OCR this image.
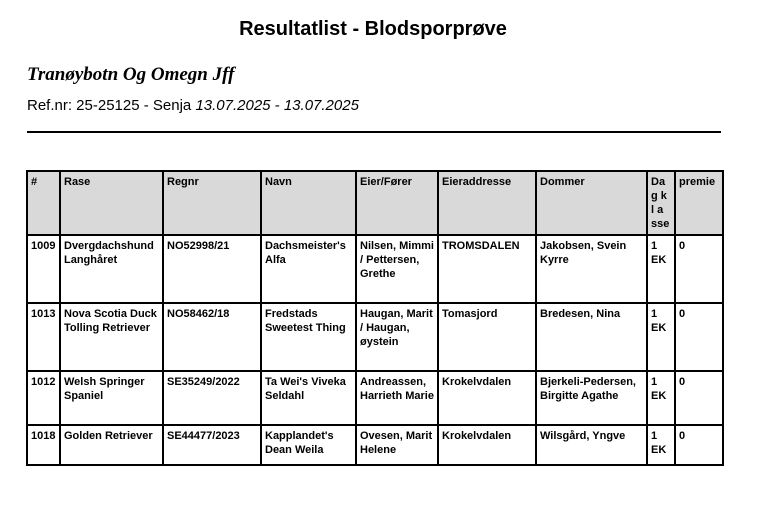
Resultatlist - Blodsporprøve
Tranøybotn Og Omegn Jff
Ref.nr: 25-25125 - Senja 13.07.2025 - 13.07.2025
#	Rase	Regnr	Navn	Eier/Fører	Eieraddresse	Dommer	Dag k l a sse	premie
1009	Dvergdachshund Langhåret	NO52998/21	Dachsmeister's Alfa	Nilsen, Mimmi / Pettersen, Grethe	TROMSDALEN	Jakobsen, Svein Kyrre	1 EK	0
1013	Nova Scotia Duck Tolling Retriever	NO58462/18	Fredstads Sweetest Thing	Haugan, Marit / Haugan, øystein	Tomasjord	Bredesen, Nina	1 EK	0
1012	Welsh Springer Spaniel	SE35249/2022	Ta Wei's Viveka Seldahl	Andreassen, Harrieth Marie	Krokelvdalen	Bjerkeli-Pedersen, Birgitte Agathe	1 EK	0
1018	Golden Retriever	SE44477/2023	Kapplandet's Dean Weila	Ovesen, Marit Helene	Krokelvdalen	Wilsgård, Yngve	1 EK	0
